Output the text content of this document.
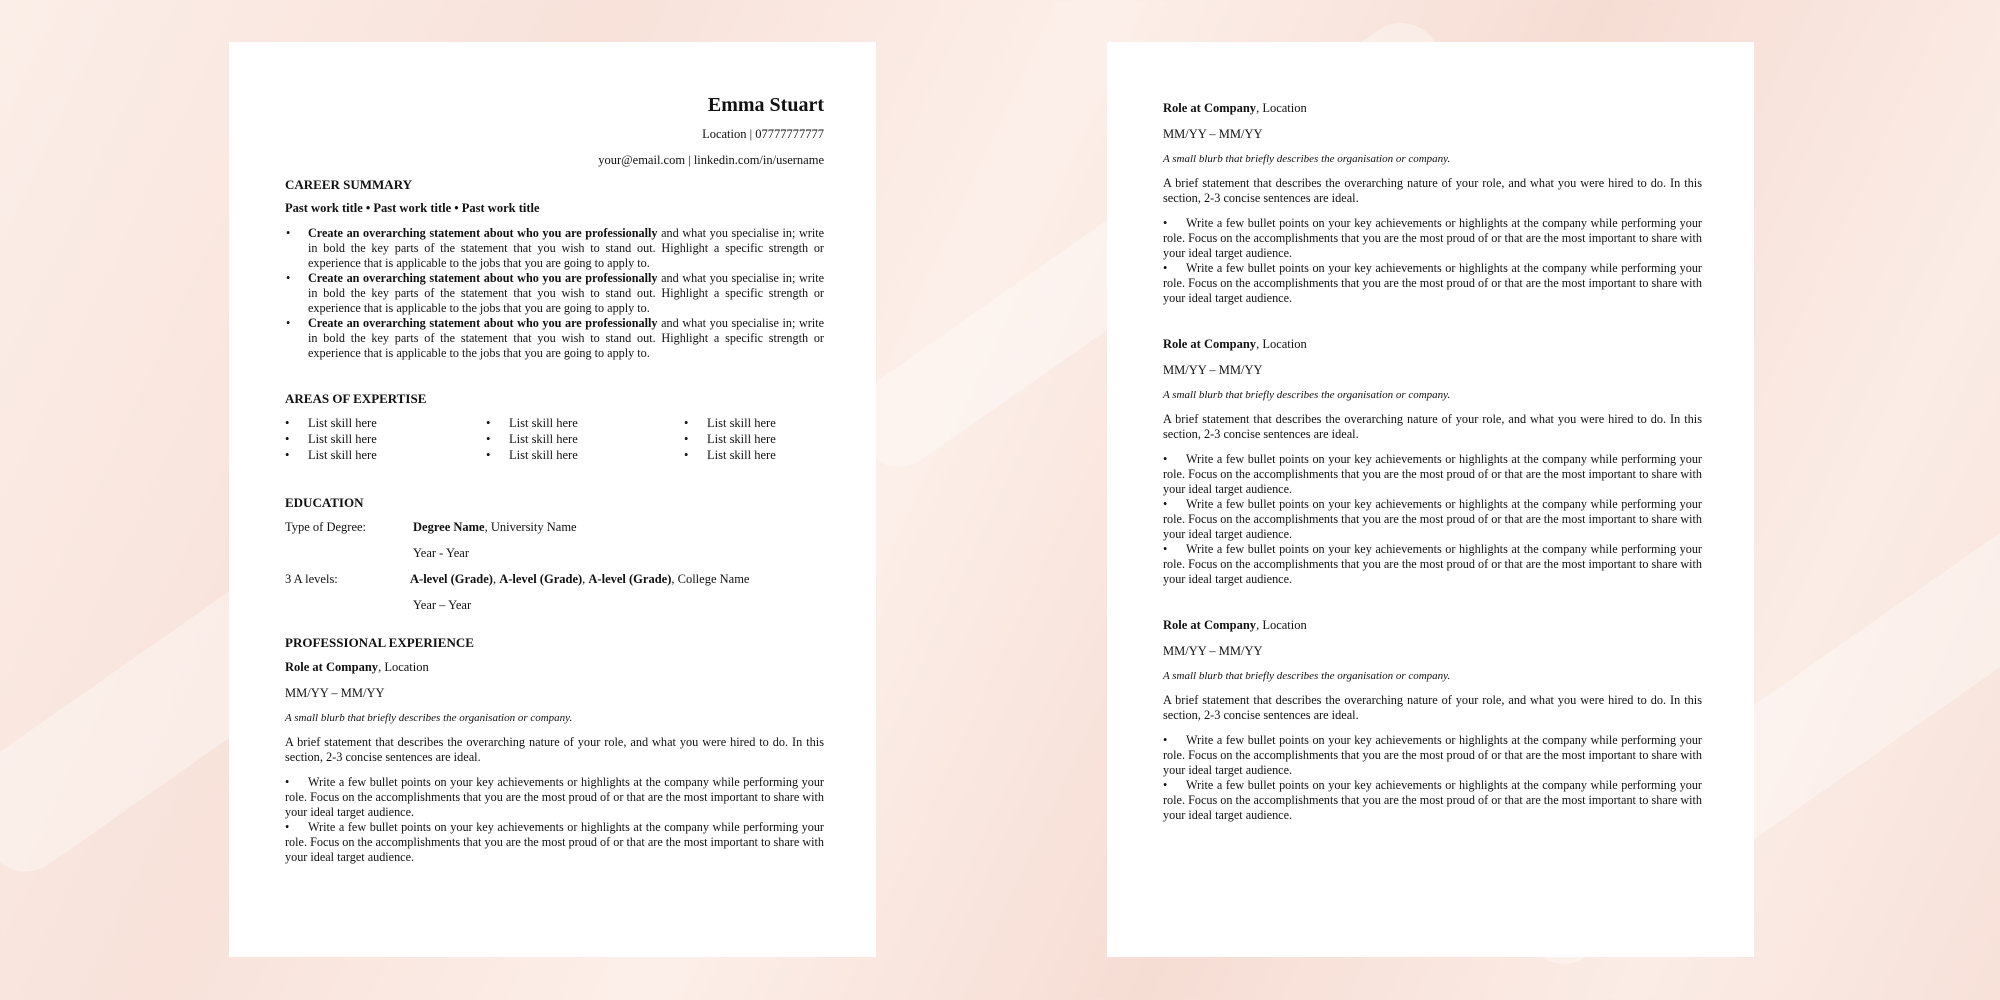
Emma Stuart
Location | 07777777777
your@email.com | linkedin.com/in/username
CAREER SUMMARY
Past work title • Past work title • Past work title
• Create an overarching statement about who you are professionally and what you specialise in; write in bold the key parts of the statement that you wish to stand out. Highlight a specific strength or experience that is applicable to the jobs that you are going to apply to.
• Create an overarching statement about who you are professionally and what you specialise in; write in bold the key parts of the statement that you wish to stand out. Highlight a specific strength or experience that is applicable to the jobs that you are going to apply to.
• Create an overarching statement about who you are professionally and what you specialise in; write in bold the key parts of the statement that you wish to stand out. Highlight a specific strength or experience that is applicable to the jobs that you are going to apply to.
AREAS OF EXPERTISE
• List skill here
• List skill here
• List skill here
• List skill here
• List skill here
• List skill here
• List skill here
• List skill here
• List skill here
EDUCATION
Type of Degree:	Degree Name, University Name
Year - Year
3 A levels:	A-level (Grade), A-level (Grade), A-level (Grade), College Name
Year – Year
PROFESSIONAL EXPERIENCE
Role at Company, Location
MM/YY – MM/YY
A small blurb that briefly describes the organisation or company.
A brief statement that describes the overarching nature of your role, and what you were hired to do. In this section, 2-3 concise sentences are ideal.
• Write a few bullet points on your key achievements or highlights at the company while performing your role. Focus on the accomplishments that you are the most proud of or that are the most important to share with your ideal target audience.
• Write a few bullet points on your key achievements or highlights at the company while performing your role. Focus on the accomplishments that you are the most proud of or that are the most important to share with your ideal target audience.
Role at Company, Location
MM/YY – MM/YY
A small blurb that briefly describes the organisation or company.
A brief statement that describes the overarching nature of your role, and what you were hired to do. In this section, 2-3 concise sentences are ideal.
• Write a few bullet points on your key achievements or highlights at the company while performing your role. Focus on the accomplishments that you are the most proud of or that are the most important to share with your ideal target audience.
• Write a few bullet points on your key achievements or highlights at the company while performing your role. Focus on the accomplishments that you are the most proud of or that are the most important to share with your ideal target audience.
Role at Company, Location
MM/YY – MM/YY
A small blurb that briefly describes the organisation or company.
A brief statement that describes the overarching nature of your role, and what you were hired to do. In this section, 2-3 concise sentences are ideal.
• Write a few bullet points on your key achievements or highlights at the company while performing your role. Focus on the accomplishments that you are the most proud of or that are the most important to share with your ideal target audience.
• Write a few bullet points on your key achievements or highlights at the company while performing your role. Focus on the accomplishments that you are the most proud of or that are the most important to share with your ideal target audience.
• Write a few bullet points on your key achievements or highlights at the company while performing your role. Focus on the accomplishments that you are the most proud of or that are the most important to share with your ideal target audience.
Role at Company, Location
MM/YY – MM/YY
A small blurb that briefly describes the organisation or company.
A brief statement that describes the overarching nature of your role, and what you were hired to do. In this section, 2-3 concise sentences are ideal.
• Write a few bullet points on your key achievements or highlights at the company while performing your role. Focus on the accomplishments that you are the most proud of or that are the most important to share with your ideal target audience.
• Write a few bullet points on your key achievements or highlights at the company while performing your role. Focus on the accomplishments that you are the most proud of or that are the most important to share with your ideal target audience.
